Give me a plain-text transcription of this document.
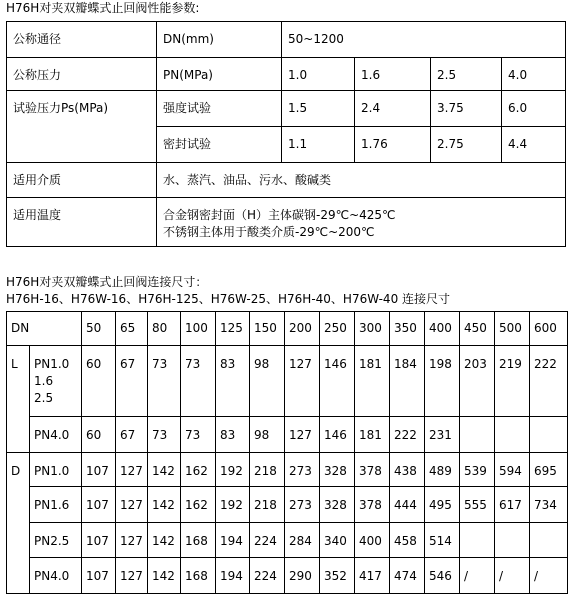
H76H对夹双瓣蝶式止回阀性能参数:
公称通径	DN(mm)	50~1200			
公称压力	PN(MPa)	1.0	1.6	2.5	4.0
试验压力Ps(MPa)	强度试验	1.5	2.4	3.75	6.0
	密封试验	1.1	1.76	2.75	4.4
适用介质	水、蒸汽、油品、污水、酸碱类				
适用温度	合金钢密封面（H）主体碳钢-29℃~425℃
不锈钢主体用于酸类介质-29℃~200℃				
H76H对夹双瓣蝶式止回阀连接尺寸：
H76H-16、H76W-16、H76H-125、H76W-25、H76H-40、H76W-40 连接尺寸
DN		50	65	80	100	125	150	200	250	300	350	400	450	500	600
L	PN1.0
1.6
2.5	60	67	73	73	83	98	127	146	181	184	198	203	219	222

	PN4.0	60	67	73	73	83	98	127	146	181	222	231			
D	PN1.0	107	127	142	162	192	218	273	328	378	438	489	539	594	695

	PN1.6	107	127	142	162	192	218	273	328	378	444	495	555	617	734

	PN2.5	107	127	142	168	194	224	284	340	400	458	514			

	PN4.0	107	127	142	168	194	224	290	352	417	474	546	/	/	/
